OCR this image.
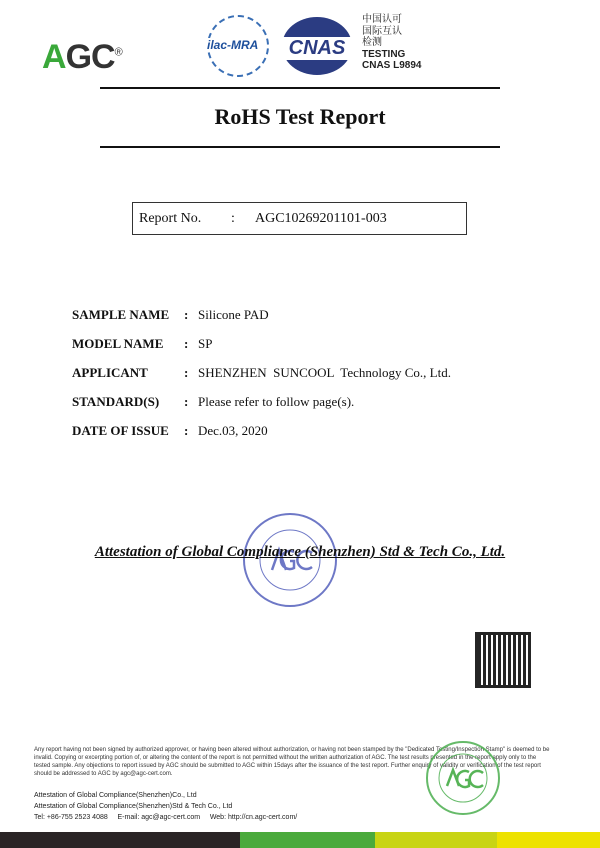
AGC®
ilac-MRA	CNAS
中国认可
国际互认
检测
TESTING
CNAS L9894
RoHS Test Report
Report No. : AGC10269201101-003
SAMPLE NAME : Silicone PAD
MODEL NAME : SP
APPLICANT	: SHENZHEN  SUNCOOL  Technology Co., Ltd.
STANDARD(S) : Please refer to follow page(s).
DATE OF ISSUE : Dec.03, 2020
Attestation of Global Compliance (Shenzhen) Std & Tech Co., Ltd.
Any report having not been signed by authorized approver, or having been altered without authorization, or having not been stamped by the "Dedicated Testing/Inspection Stamp" is deemed to be invalid. Copying or excerpting portion of, or altering the content of the report is not permitted without the written authorization of AGC. The test results presented in the report apply only to the tested sample. Any objections to report issued by AGC should be submitted to AGC within 15days after the issuance of the test report. Further enquiry of validity or verification of the test report should be addressed to AGC by agc@agc-cert.com.
Attestation of Global Compliance(Shenzhen)Co., Ltd
Attestation of Global Compliance(Shenzhen)Std & Tech Co., Ltd
Tel: +86-755 2523 4088 E-mail: agc@agc-cert.com Web: http://cn.agc-cert.com/
